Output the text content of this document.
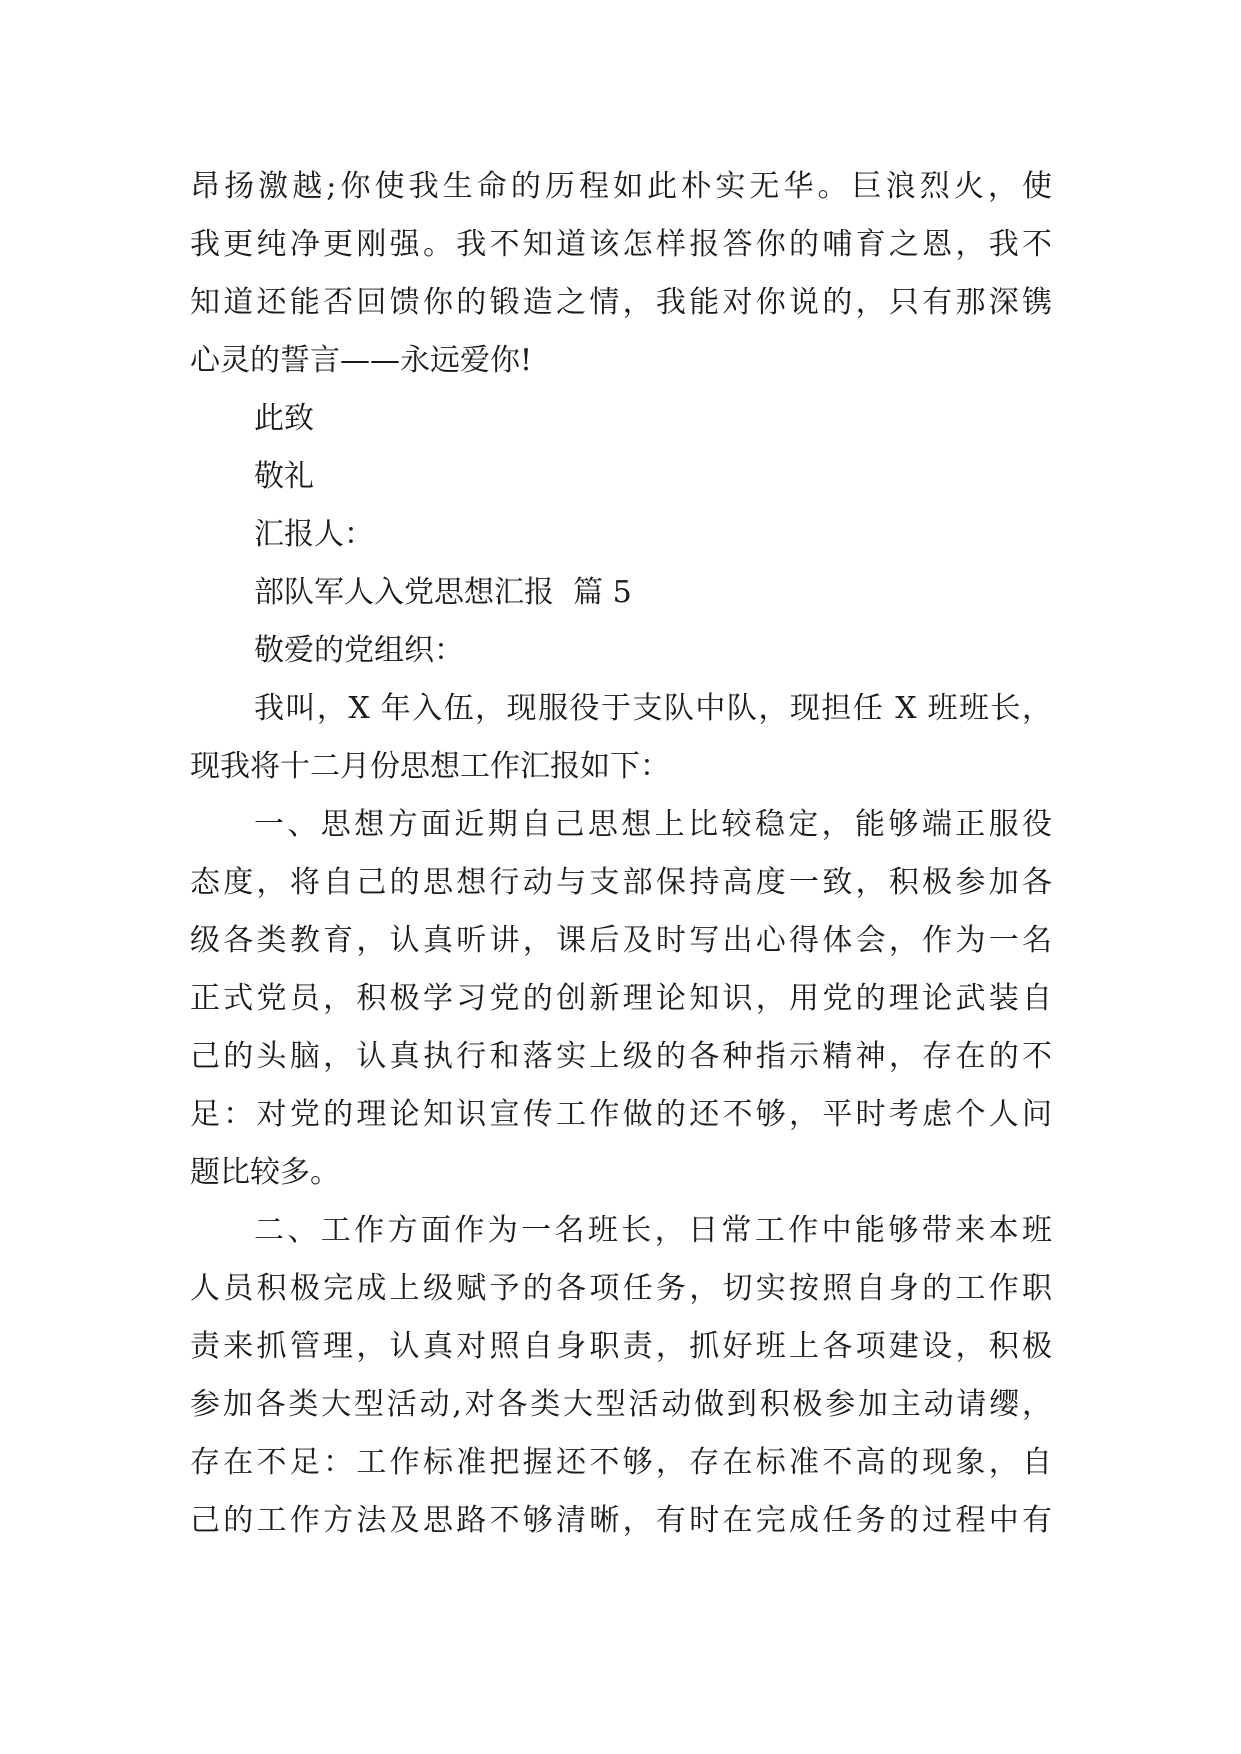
昂扬激越;你使我生命的历程如此朴实无华。巨浪烈火，使
我更纯净更刚强。我不知道该怎样报答你的哺育之恩，我不
知道还能否回馈你的锻造之情，我能对你说的，只有那深镌
心灵的誓言——永远爱你!
此致
敬礼
汇报人：
部队军人入党思想汇报  篇 5
敬爱的党组织：
我叫，X 年入伍，现服役于支队中队，现担任 X 班班长，
现我将十二月份思想工作汇报如下：
一、思想方面近期自己思想上比较稳定，能够端正服役
态度，将自己的思想行动与支部保持高度一致，积极参加各
级各类教育，认真听讲，课后及时写出心得体会，作为一名
正式党员，积极学习党的创新理论知识，用党的理论武装自
己的头脑，认真执行和落实上级的各种指示精神，存在的不
足：对党的理论知识宣传工作做的还不够，平时考虑个人问
题比较多。
二、工作方面作为一名班长，日常工作中能够带来本班
人员积极完成上级赋予的各项任务，切实按照自身的工作职
责来抓管理，认真对照自身职责，抓好班上各项建设，积极
参加各类大型活动,对各类大型活动做到积极参加主动请缨，
存在不足：工作标准把握还不够，存在标准不高的现象，自
己的工作方法及思路不够清晰，有时在完成任务的过程中有
